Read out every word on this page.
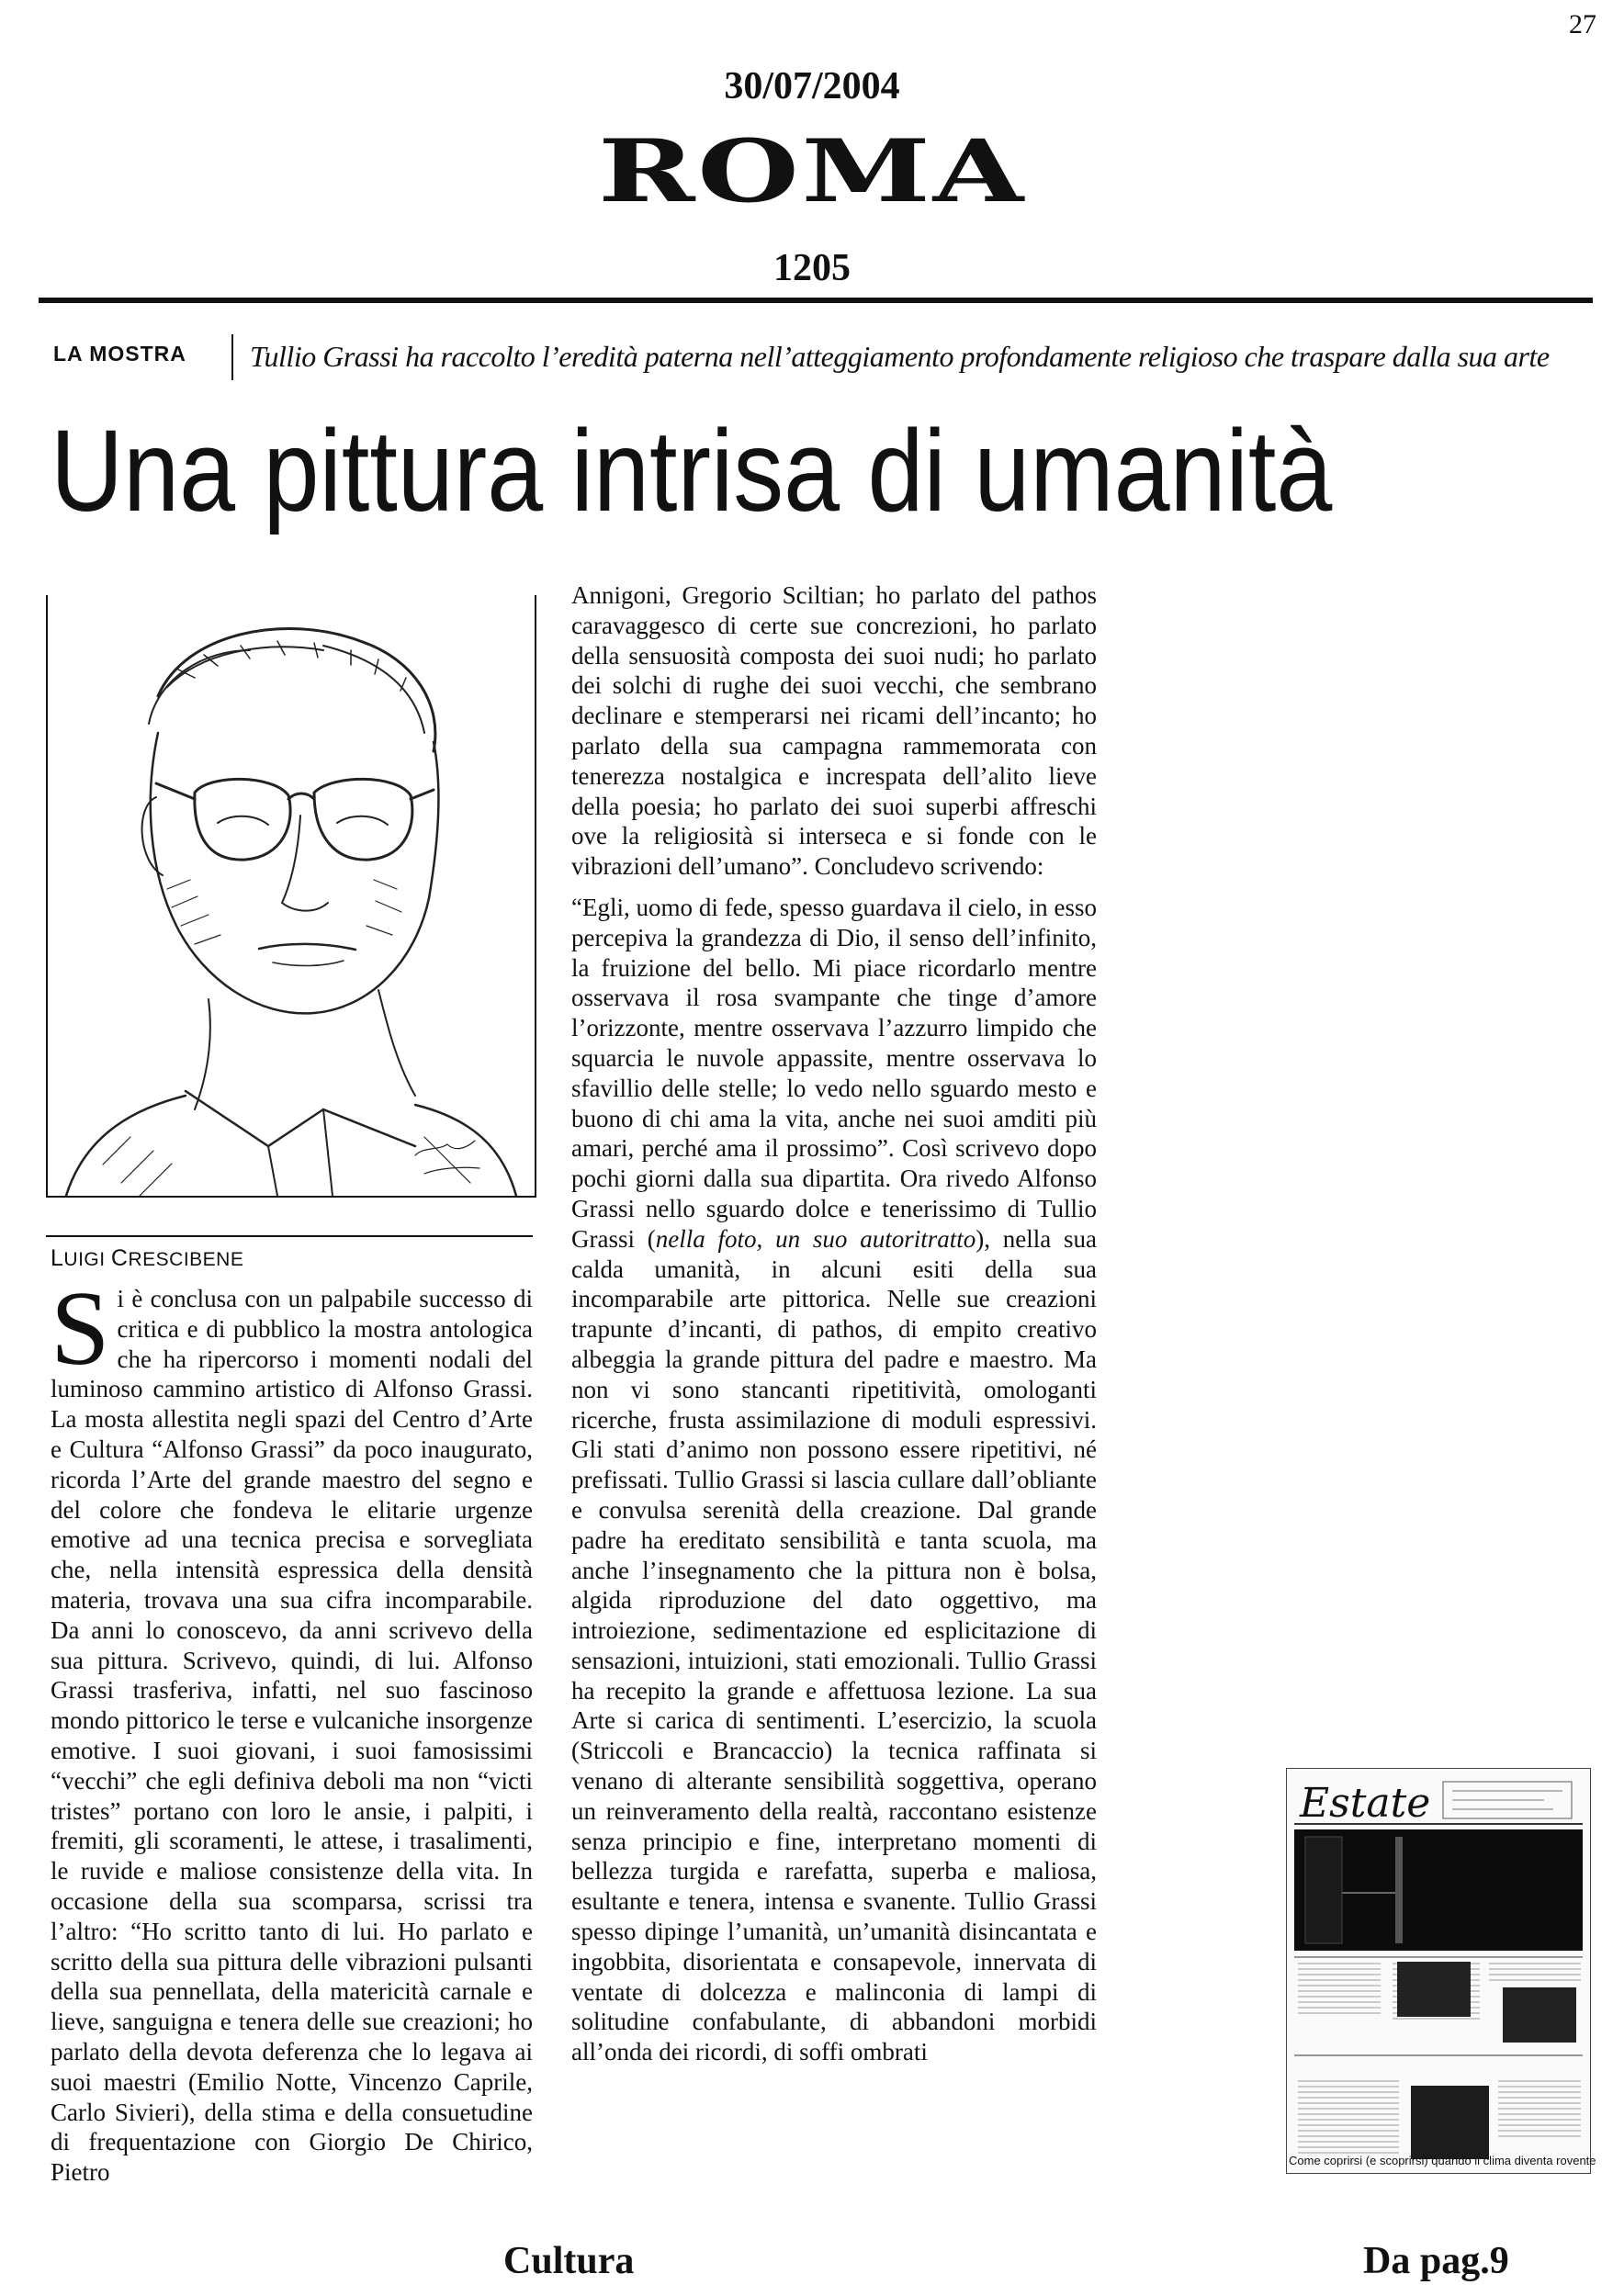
27
30/07/2004
ROMA
1205
LA MOSTRA Tullio Grassi ha raccolto l’eredità paterna nell’atteggiamento profondamente religioso che traspare dalla sua arte
Una pittura intrisa di umanità
LUIGI CRESCIBENE
Si è conclusa con un palpabile successo di critica e di pubblico la mostra antologica che ha ripercorso i momenti nodali del luminoso cammino artistico di Alfonso Grassi. La mosta allestita negli spazi del Centro d’Arte e Cultura “Alfonso Grassi” da poco inaugurato, ricorda l’Arte del grande maestro del segno e del colore che fondeva le elitarie urgenze emotive ad una tecnica precisa e sorvegliata che, nella intensità espressica della densità materia, trovava una sua cifra incomparabile. Da anni lo conoscevo, da anni scrivevo della sua pittura. Scrivevo, quindi, di lui. Alfonso Grassi trasferiva, infatti, nel suo fascinoso mondo pittorico le terse e vulcaniche insorgenze emotive. I suoi giovani, i suoi famosissimi “vecchi” che egli definiva deboli ma non “victi tristes” portano con loro le ansie, i palpiti, i fremiti, gli scoramenti, le attese, i trasalimenti, le ruvide e maliose consistenze della vita. In occasione della sua scomparsa, scrissi tra l’altro: “Ho scritto tanto di lui. Ho parlato e scritto della sua pittura delle vibrazioni pulsanti della sua pennellata, della matericità carnale e lieve, sanguigna e tenera delle sue creazioni; ho parlato della devota deferenza che lo legava ai suoi maestri (Emilio Notte, Vincenzo Caprile, Carlo Sivieri), della stima e della consuetudine di frequentazione con Giorgio De Chirico, Pietro
Annigoni, Gregorio Sciltian; ho parlato del pathos caravaggesco di certe sue concrezioni, ho parlato della sensuosità composta dei suoi nudi; ho parlato dei solchi di rughe dei suoi vecchi, che sembrano declinare e stemperarsi nei ricami dell’incanto; ho parlato della sua campagna rammemorata con tenerezza nostalgica e increspata dell’alito lieve della poesia; ho parlato dei suoi superbi affreschi ove la religiosità si interseca e si fonde con le vibrazioni dell’umano”. Concludevo scrivendo:
“Egli, uomo di fede, spesso guardava il cielo, in esso percepiva la grandezza di Dio, il senso dell’infinito, la fruizione del bello. Mi piace ricordarlo mentre osservava il rosa svampante che tinge d’amore l’orizzonte, mentre osservava l’azzurro limpido che squarcia le nuvole appassite, mentre osservava lo sfavillio delle stelle; lo vedo nello sguardo mesto e buono di chi ama la vita, anche nei suoi amditi più amari, perché ama il prossimo”. Così scrivevo dopo pochi giorni dalla sua dipartita. Ora rivedo Alfonso Grassi nello sguardo dolce e tenerissimo di Tullio Grassi (nella foto, un suo autoritratto), nella sua calda umanità, in alcuni esiti della sua incomparabile arte pittorica. Nelle sue creazioni trapunte d’incanti, di pathos, di empito creativo albeggia la grande pittura del padre e maestro. Ma non vi sono stancanti ripetitività, omologanti ricerche, frusta assimilazione di moduli espressivi. Gli stati d’animo non possono essere ripetitivi, né prefissati. Tullio Grassi si lascia cullare dall’obliante e convulsa serenità della creazione. Dal grande padre ha ereditato sensibilità e tanta scuola, ma anche l’insegnamento che la pittura non è bolsa, algida riproduzione del dato oggettivo, ma introiezione, sedimentazione ed esplicitazione di sensazioni, intuizioni, stati emozionali. Tullio Grassi ha recepito la grande e affettuosa lezione. La sua Arte si carica di sentimenti. L’esercizio, la scuola (Striccoli e Brancaccio) la tecnica raffinata si venano di alterante sensibilità soggettiva, operano un reinveramento della realtà, raccontano esistenze senza principio e fine, interpretano momenti di bellezza turgida e rarefatta, superba e maliosa, esultante e tenera, intensa e svanente. Tullio Grassi spesso dipinge l’umanità, un’umanità disincantata e ingobbita, disorientata e consapevole, innervata di ventate di dolcezza e malinconia di lampi di solitudine confabulante, di abbandoni morbidi all’onda dei ricordi, di soffi ombrati
Estate
Come coprirsi (e scoprirsi) quando il clima diventa rovente
Cultura	Da pag.9
